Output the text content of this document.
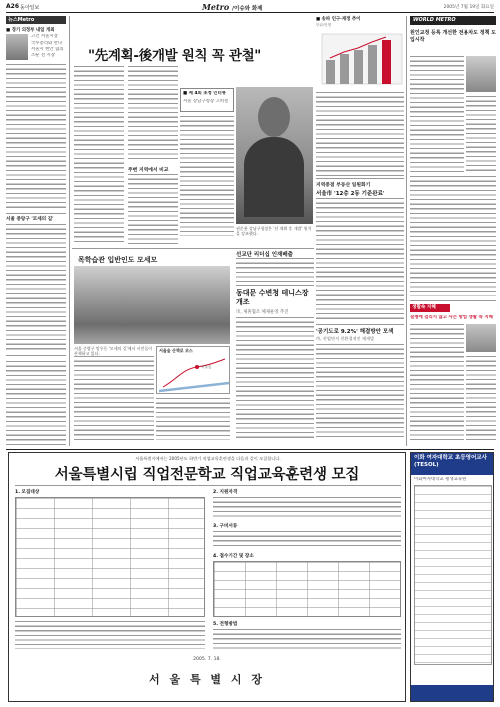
A26 동아일보	Metro /이슈와 화제	2005년 7월 19일 화요일
뉴스Metro
■ 경기 의정부 내일 개최
고건 서울시장
국무총리와 만나
서울시 현안 협의
조순 전 시장
서울 중랑구 '모세의 길'
"先계획-後개발 원칙 꼭 관철"
■ 제 4회 초청 인터뷰
서울 강남구청장 고희철
권문용 강남구청장은 '선 계획 후 개발' 원칙을 강조했다.
주변 지역에서 비교
■ 송파 인구·재정 추이
단위:만명
WORLD METRO
원인교정 등록 개선한 전용차도 정책 도입시작
생활속 지혜
질병에 걸리지 않고 사는 방법 생활 속 지혜
목학습관 입반인도 모세모
서울 중랑구 망우동 '모세의 길'에서 시민들이 산책하고 있다.
서울숲 산책로 코스
서울숲
선교단 리더십 인재배출
동대문 수변청 테니스장 개조
市, 제휴협조 체제운영 추진
지역중점 부동산 일원화기
서울市 '12층 2동 기준완료'
'공기도로 9.2%' 해결방안 모색
市, 산업단지 친환경적인 재개발
서울특별시에서는 2005년도 하반기 직업교육훈련생을 다음과 같이 모집합니다.
서울특별시립 직업전문학교 직업교육훈련생 모집
1. 모집대상	2. 지원자격
3. 구비서류
4. 접수기간 및 장소
5. 전형방법
2005. 7. 18.
서 울 특 별 시 장
이화 여자대학교 초등영어교사(TESOL)
이화여자대학교 평생교육원
